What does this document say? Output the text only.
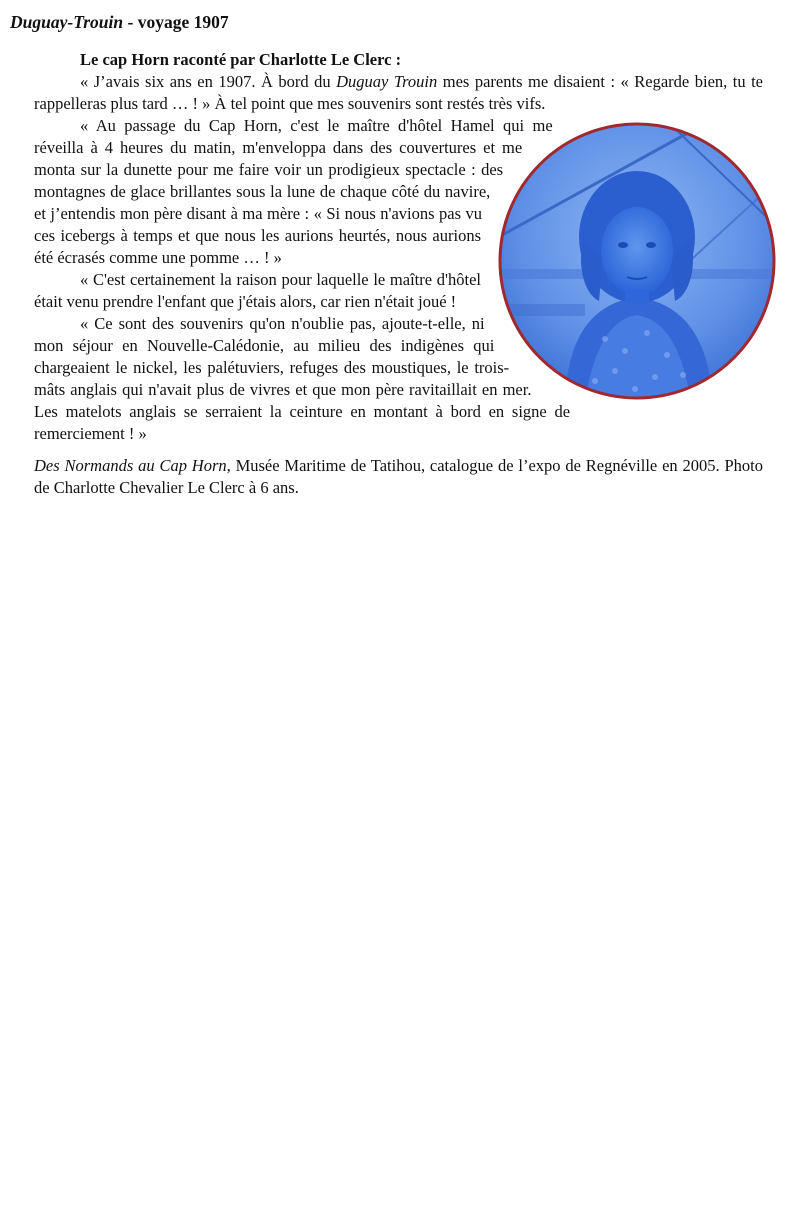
Duguay-Trouin - voyage 1907
Le cap Horn raconté par Charlotte Le Clerc :

« J’avais six ans en 1907. À bord du Duguay Trouin mes parents me disaient : « Regarde bien, tu te rappelleras plus tard … ! » À tel point que mes souvenirs sont restés très vifs.

« Au passage du Cap Horn, c'est le maître d'hôtel Hamel qui me réveilla à 4 heures du matin, m'enveloppa dans des couvertures et me monta sur la dunette pour me faire voir un prodigieux spectacle : des montagnes de glace brillantes sous la lune de chaque côté du navire, et j’entendis mon père disant à ma mère : « Si nous n'avions pas vu ces icebergs à temps et que nous les aurions heurtés, nous aurions été écrasés comme une pomme … ! »

« C'est certainement la raison pour laquelle le maître d'hôtel était venu prendre l'enfant que j'étais alors, car rien n'était joué !

« Ce sont des souvenirs qu'on n'oublie pas, ajoute-t-elle, ni mon séjour en Nouvelle-Calédonie, au milieu des indigènes qui chargeaient le nickel, les palétuviers, refuges des moustiques, le trois-mâts anglais qui n'avait plus de vivres et que mon père ravitaillait en mer. Les matelots anglais se serraient la ceinture en montant à bord en signe de remerciement ! »

Des Normands au Cap Horn, Musée Maritime de Tatihou, catalogue de l’expo de Regnéville en 2005. Photo de Charlotte Chevalier Le Clerc à 6 ans.
